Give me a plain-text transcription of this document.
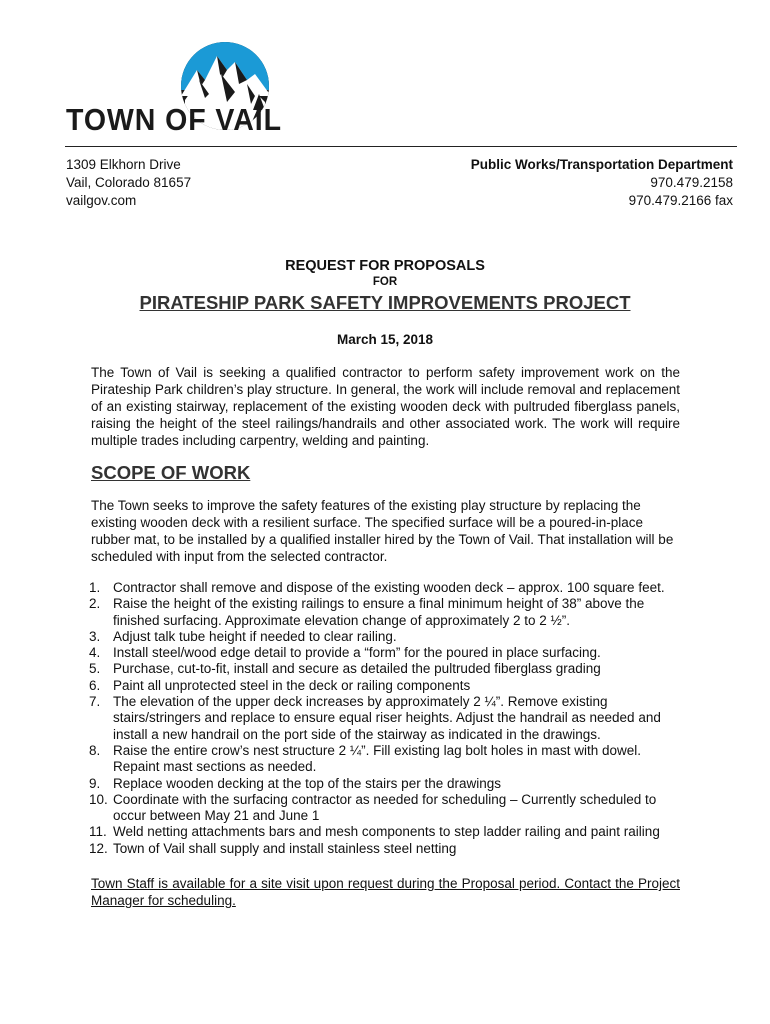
TOWN OF VAIL
1309 Elkhorn Drive
Vail, Colorado 81657
vailgov.com
Public Works/Transportation Department
970.479.2158
970.479.2166 fax
REQUEST FOR PROPOSALS
FOR
PIRATESHIP PARK SAFETY IMPROVEMENTS PROJECT
March 15, 2018
The Town of Vail is seeking a qualified contractor to perform safety improvement work on the Pirateship Park children’s play structure. In general, the work will include removal and replacement of an existing stairway, replacement of the existing wooden deck with pultruded fiberglass panels, raising the height of the steel railings/handrails and other associated work. The work will require multiple trades including carpentry, welding and painting.
SCOPE OF WORK
The Town seeks to improve the safety features of the existing play structure by replacing the existing wooden deck with a resilient surface. The specified surface will be a poured-in-place rubber mat, to be installed by a qualified installer hired by the Town of Vail. That installation will be scheduled with input from the selected contractor.
1. Contractor shall remove and dispose of the existing wooden deck – approx. 100 square feet.
2. Raise the height of the existing railings to ensure a final minimum height of 38” above the finished surfacing. Approximate elevation change of approximately 2 to 2 ½”.
3. Adjust talk tube height if needed to clear railing.
4. Install steel/wood edge detail to provide a “form” for the poured in place surfacing.
5. Purchase, cut-to-fit, install and secure as detailed the pultruded fiberglass grading
6. Paint all unprotected steel in the deck or railing components
7. The elevation of the upper deck increases by approximately 2 ¼”. Remove existing stairs/stringers and replace to ensure equal riser heights. Adjust the handrail as needed and install a new handrail on the port side of the stairway as indicated in the drawings.
8. Raise the entire crow’s nest structure 2 ¼”. Fill existing lag bolt holes in mast with dowel. Repaint mast sections as needed.
9. Replace wooden decking at the top of the stairs per the drawings
10. Coordinate with the surfacing contractor as needed for scheduling – Currently scheduled to occur between May 21 and June 1
11. Weld netting attachments bars and mesh components to step ladder railing and paint railing
12. Town of Vail shall supply and install stainless steel netting
Town Staff is available for a site visit upon request during the Proposal period. Contact the Project Manager for scheduling.
